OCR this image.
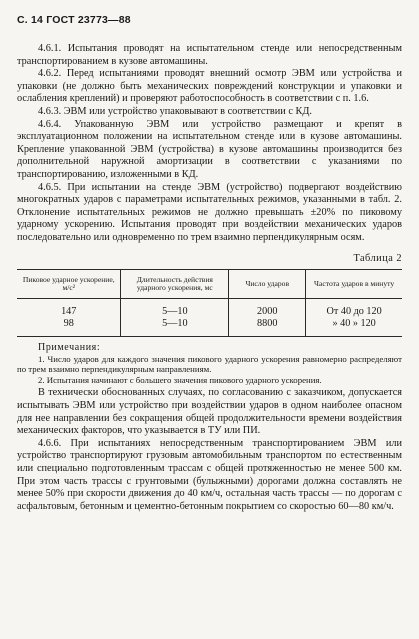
С. 14 ГОСТ 23773—88

4.6.1. Испытания проводят на испытательном стенде или непосредственным транспортированием в кузове автомашины.

4.6.2. Перед испытаниями проводят внешний осмотр ЭВМ или устройства и упаковки (не должно быть механических повреждений конструкции и упаковки и ослабления креплений) и проверяют работоспособность в соответствии с п. 1.6.

4.6.3. ЭВМ или устройство упаковывают в соответствии с КД.

4.6.4. Упакованную ЭВМ или устройство размещают и крепят в эксплуатационном положении на испытательном стенде или в кузове автомашины. Крепление упакованной ЭВМ (устройства) в кузове автомашины производится без дополнительной наружной амортизации в соответствии с указаниями по транспортированию, изложенными в КД.

4.6.5. При испытании на стенде ЭВМ (устройство) подвергают воздействию многократных ударов с параметрами испытательных режимов, указанными в табл. 2. Отклонение испытательных режимов не должно превышать ±20% по пиковому ударному ускорению. Испытания проводят при воздействии механических ударов последовательно или одновременно по трем взаимно перпендикулярным осям.

Таблица 2
Пиковое ударное ускорение, м/с²	Длительность действия ударного ускорения, мс	Число ударов	Частота ударов в минуту
147	5—10	2000	От 40 до 120
98	5—10	8800	» 40 » 120
Примечания:

1. Число ударов для каждого значения пикового ударного ускорения равномерно распределяют по трем взаимно перпендикулярным направлениям.

2. Испытания начинают с большего значения пикового ударного ускорения.

В технически обоснованных случаях, по согласованию с заказчиком, допускается испытывать ЭВМ или устройство при воздействии ударов в одном наиболее опасном для нее направлении без сокращения общей продолжительности времени воздействия механических факторов, что указывается в ТУ или ПИ.

4.6.6. При испытаниях непосредственным транспортированием ЭВМ или устройство транспортируют грузовым автомобильным транспортом по естественным или специально подготовленным трассам с общей протяженностью не менее 500 км. При этом часть трассы с грунтовыми (булыжными) дорогами должна составлять не менее 50% при скорости движения до 40 км/ч, остальная часть трассы — по дорогам с асфальтовым, бетонным и цементно-бетонным покрытием со скоростью 60—80 км/ч.
